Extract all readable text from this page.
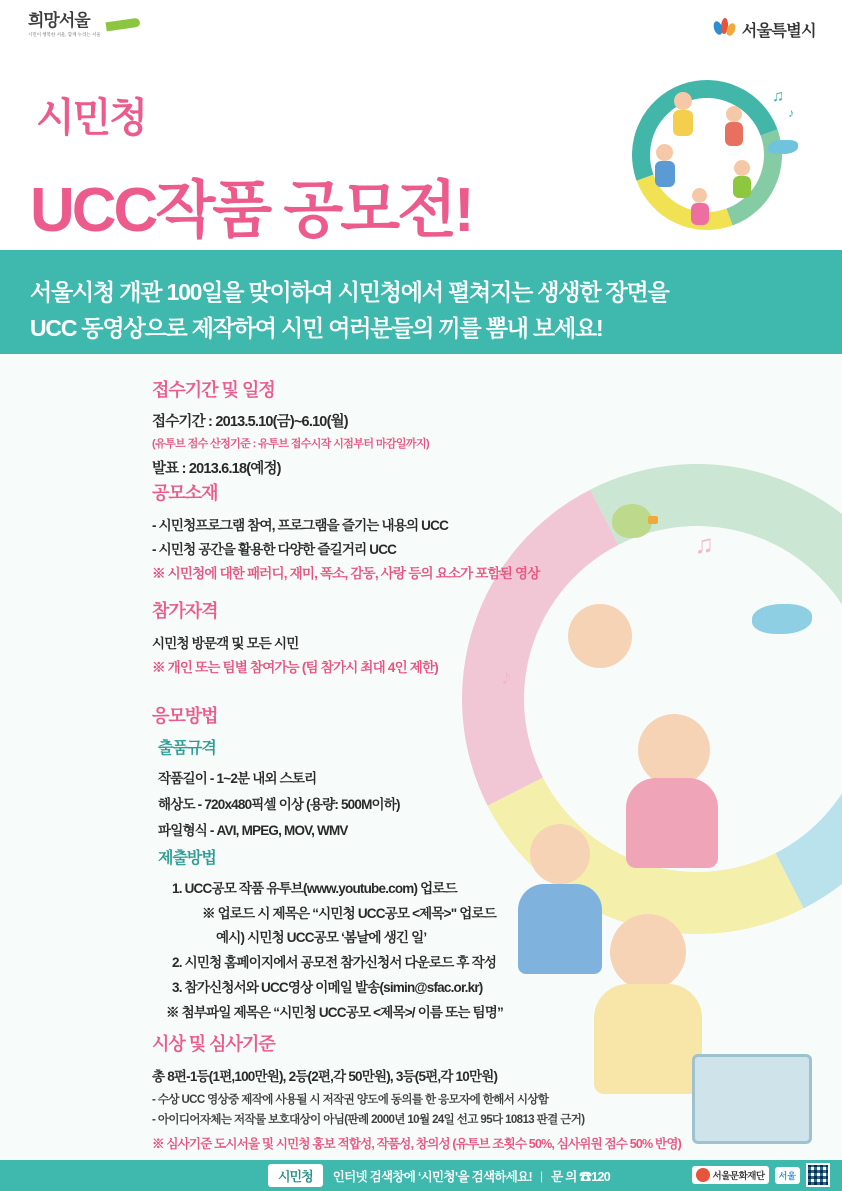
희망서울
시민이 행복한 서울, 함께 누리는 서울	서울특별시
시민청
UCC작품 공모전!
♫
♪
서울시청 개관 100일을 맞이하여 시민청에서 펼쳐지는 생생한 장면을
UCC 동영상으로 제작하여 시민 여러분들의 끼를 뽐내 보세요!
♫
♪
접수기간 및 일정
접수기간 : 2013.5.10(금)~6.10(월)
(유투브 점수 산정기준 : 유투브 접수시작 시점부터 마감일까지)
발표 : 2013.6.18(예정)
공모소재
- 시민청프로그램 참여, 프로그램을 즐기는 내용의 UCC
- 시민청 공간을 활용한 다양한 즐길거리 UCC
※ 시민청에 대한 패러디, 재미, 폭소, 감동, 사랑 등의 요소가 포함된 영상
참가자격
시민청 방문객 및 모든 시민
※ 개인 또는 팀별 참여가능 (팀 참가시 최대 4인 제한)
응모방법
출품규격
작품길이 - 1~2분 내외 스토리
해상도 - 720x480픽셀 이상 (용량: 500M이하)
파일형식 - AVI, MPEG, MOV, WMV
제출방법
1. UCC공모 작품 유투브(www.youtube.com) 업로드
※ 업로드 시 제목은 “시민청 UCC공모 <제목>" 업로드
예시) 시민청 UCC공모 ‘봄날에 생긴 일’
2. 시민청 홈페이지에서 공모전 참가신청서 다운로드 후 작성
3. 참가신청서와 UCC영상 이메일 발송(simin@sfac.or.kr)
※ 첨부파일 제목은 “시민청 UCC공모 <제목>/ 이름 또는 팀명”
시상 및 심사기준
총 8편-1등(1편,100만원), 2등(2편,각 50만원), 3등(5편,각 10만원)
- 수상 UCC 영상중 제작에 사용될 시 저작권 양도에 동의를 한 응모자에 한해서 시상함
- 아이디어자체는 저작물 보호대상이 아님(판례 2000년 10월 24일 선고 95다 10813 판결 근거)
※ 심사기준 도시서울 및 시민청 홍보 적합성, 작품성, 창의성 (유투브 조횟수 50%, 심사위원 점수 50% 반영)
시민청	인터넷 검색창에 ‘시민청’을 검색하세요! | 문 의 ☎120	서울문화재단	서울
